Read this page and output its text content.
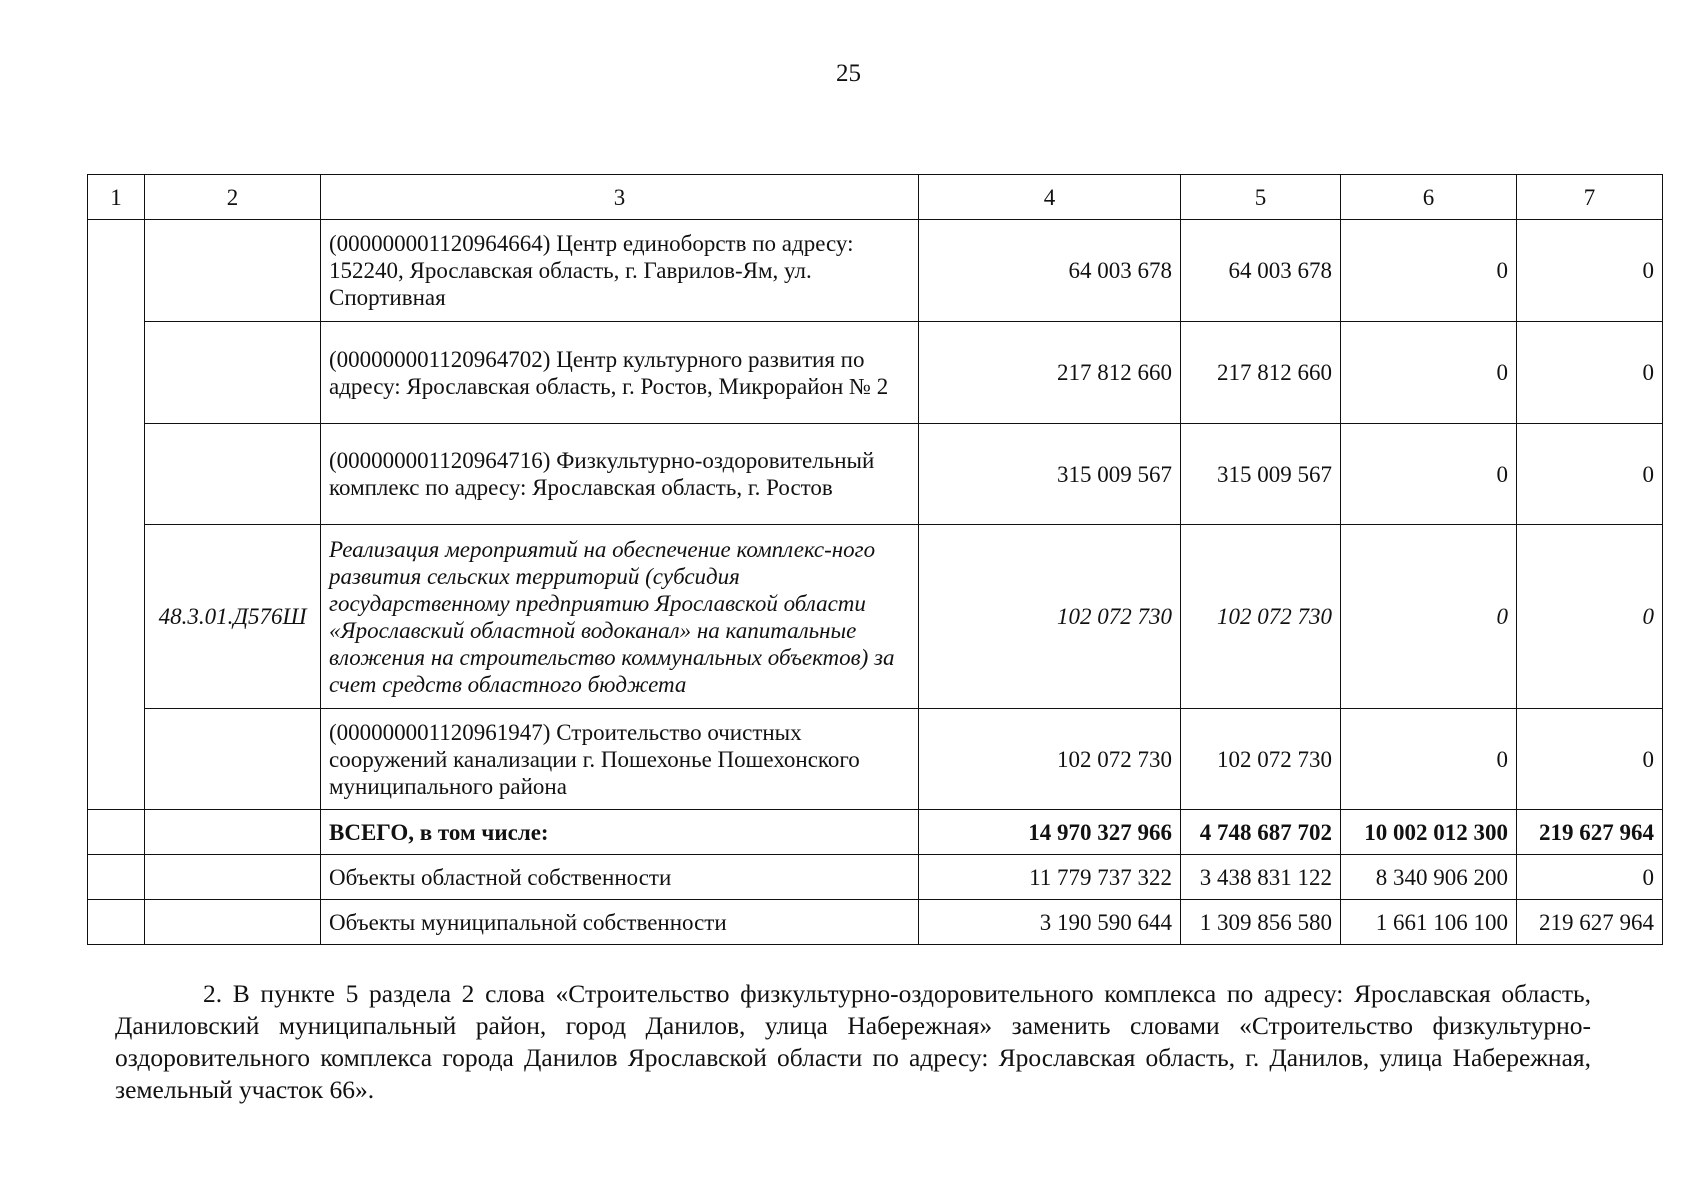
25
1	2	3	4	5	6	7
		(000000001120964664) Центр единоборств по адресу: 152240, Ярославская область, г. Гаврилов-Ям, ул. Спортивная	64 003 678	64 003 678	0	0
		(000000001120964702) Центр культурного развития по адресу: Ярославская область, г. Ростов, Микрорайон № 2	217 812 660	217 812 660	0	0
		(000000001120964716) Физкультурно-оздоровительный комплекс по адресу: Ярославская область, г. Ростов	315 009 567	315 009 567	0	0
	48.3.01.Д576Ш	Реализация мероприятий на обеспечение комплекс-ного развития сельских территорий (субсидия государственному предприятию Ярославской области «Ярославский областной водоканал» на капитальные вложения на строительство коммунальных объектов) за счет средств областного бюджета	102 072 730	102 072 730	0	0
		(000000001120961947) Строительство очистных сооружений канализации г. Пошехонье Пошехонского муниципального района	102 072 730	102 072 730	0	0
		ВСЕГО, в том числе:	14 970 327 966	4 748 687 702	10 002 012 300	219 627 964
		Объекты областной собственности	11 779 737 322	3 438 831 122	8 340 906 200	0
		Объекты муниципальной собственности	3 190 590 644	1 309 856 580	1 661 106 100	219 627 964

2. В пункте 5 раздела 2 слова «Строительство физкультурно-оздоровительного комплекса по адресу: Ярославская область, Даниловский муниципальный район, город Данилов, улица Набережная» заменить словами «Строительство физкультурно-оздоровительного комплекса города Данилов Ярославской области по адресу: Ярославская область, г. Данилов, улица Набережная, земельный участок 66».
